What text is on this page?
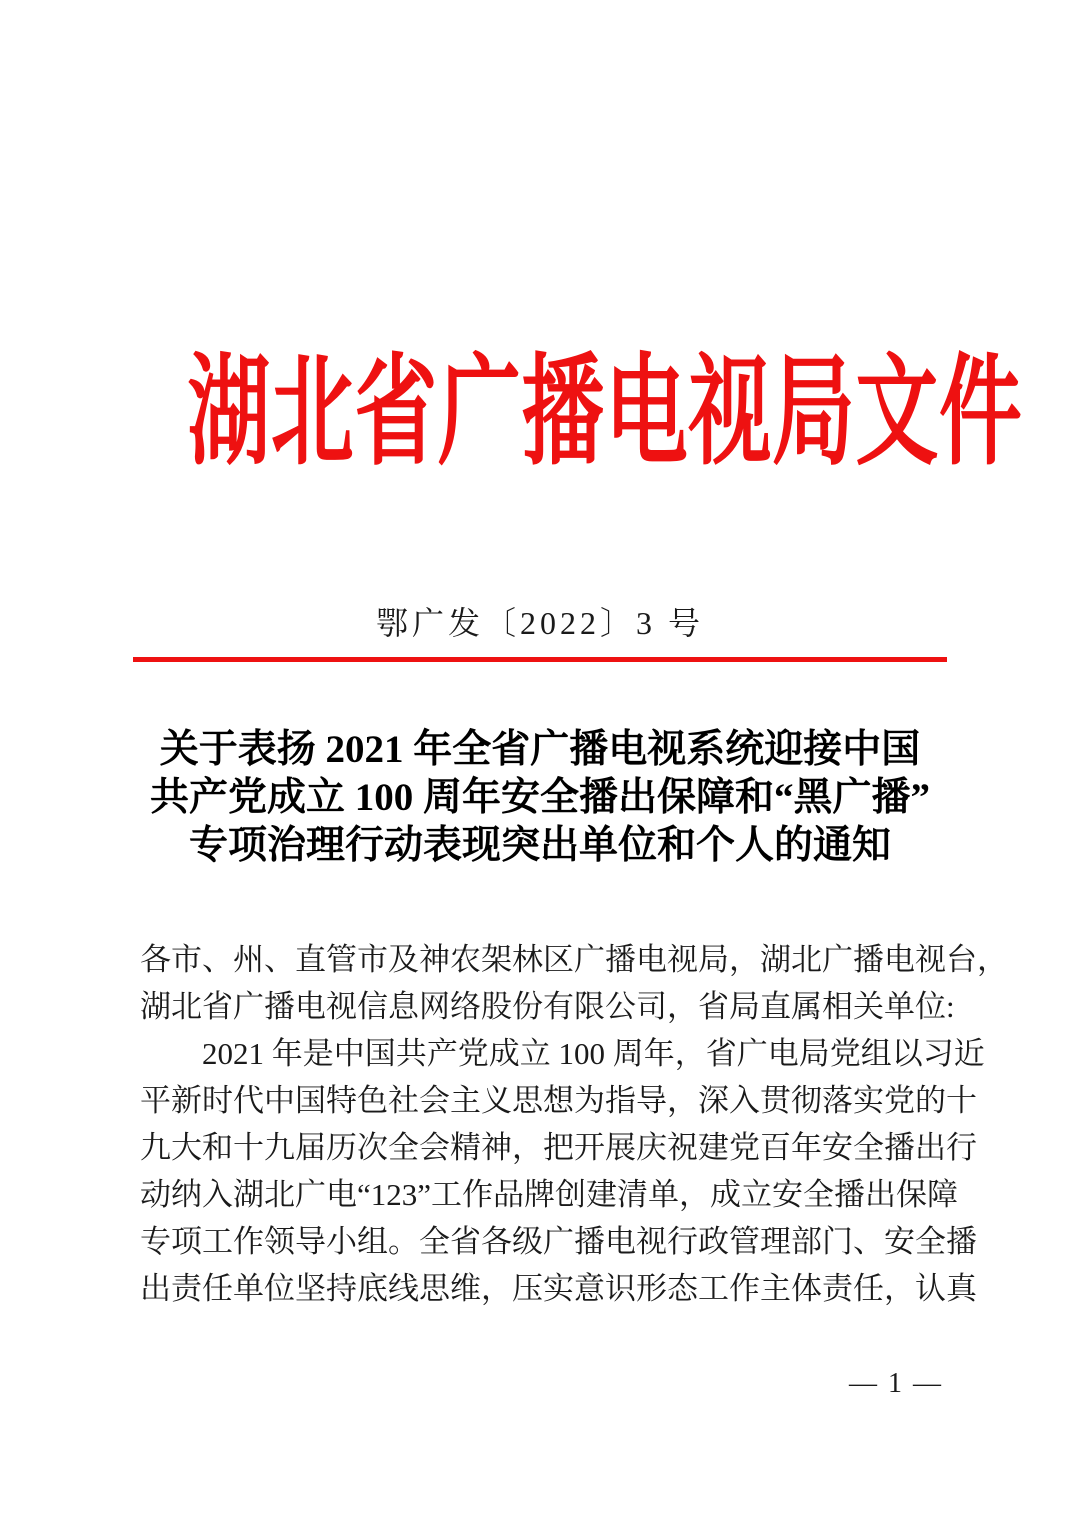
湖北省广播电视局文件
鄂广发〔2022〕3 号
关于表扬 2021 年全省广播电视系统迎接中国
共产党成立 100 周年安全播出保障和“黑广播”
专项治理行动表现突出单位和个人的通知
各市、州、直管市及神农架林区广播电视局，湖北广播电视台，
湖北省广播电视信息网络股份有限公司，省局直属相关单位:
2021 年是中国共产党成立 100 周年，省广电局党组以习近
平新时代中国特色社会主义思想为指导，深入贯彻落实党的十
九大和十九届历次全会精神，把开展庆祝建党百年安全播出行
动纳入湖北广电“123”工作品牌创建清单，成立安全播出保障
专项工作领导小组。全省各级广播电视行政管理部门、安全播
出责任单位坚持底线思维，压实意识形态工作主体责任，认真
— 1 —
